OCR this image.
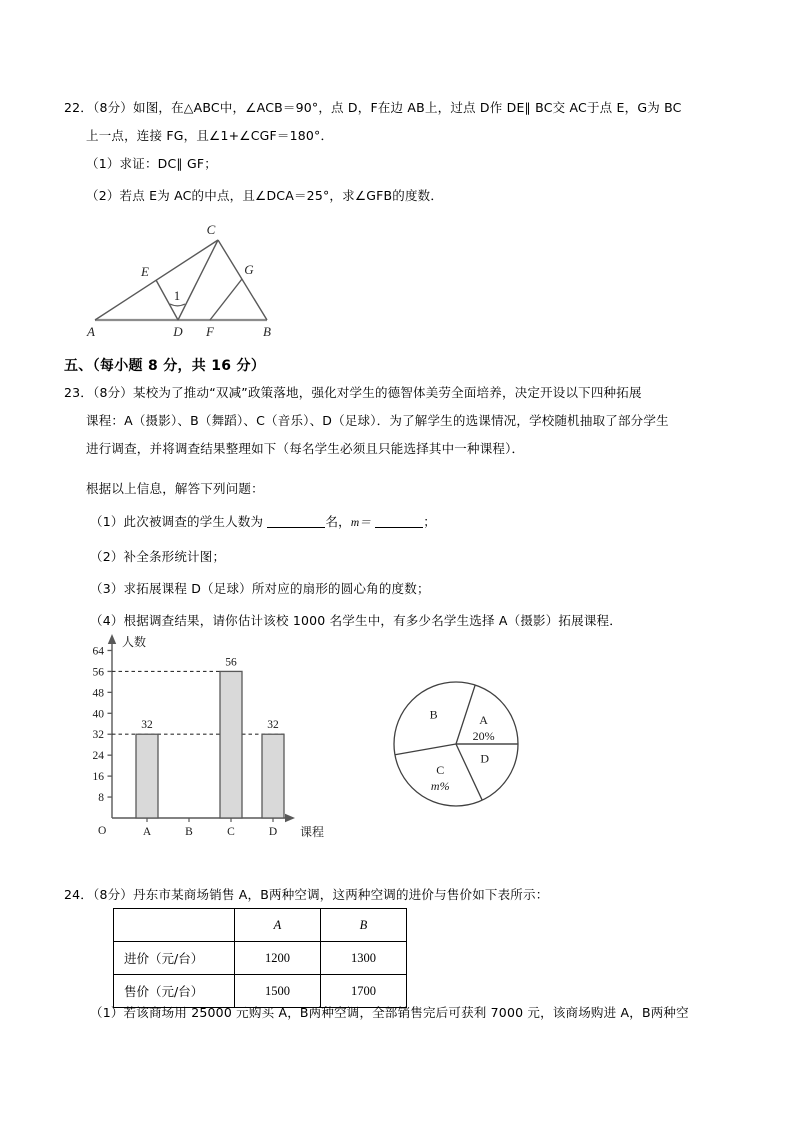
22．（8分）如图，在△ABC中，∠ACB＝90°，点 D，F在边 AB上，过点 D作 DE∥ BC交 AC于点 E，G为 BC
上一点，连接 FG，且∠1+∠CGF＝180°．
（1）求证：DC∥ GF；
（2）若点 E为 AC的中点，且∠DCA＝25°，求∠GFB的度数．
C
E	G
A	D F	B
1
五、（每小题 8 分，共 16 分）
23．（8分）某校为了推动“双减”政策落地，强化对学生的德智体美劳全面培养，决定开设以下四种拓展
课程：A（摄影）、B（舞蹈）、C（音乐）、D（足球）．为了解学生的选课情况，学校随机抽取了部分学生
进行调查，并将调查结果整理如下（每名学生必须且只能选择其中一种课程）．
根据以上信息，解答下列问题：
（1）此次被调查的学生人数为	名，m＝	；
（2）补全条形统计图；
（3）求拓展课程 D（足球）所对应的扇形的圆心角的度数；
（4）根据调查结果，请你估计该校 1000 名学生中，有多少名学生选择 A（摄影）拓展课程．
8
16
24
32
40
48
56
64
32
A	B
56
C
32
D
人数
课程
O
A
20%
B
C
m%
D
24．（8分）丹东市某商场销售 A，B两种空调，这两种空调的进价与售价如下表所示：
	A	B
进价（元/台）	1200	1300
售价（元/台）	1500	1700
（1）若该商场用 25000 元购买 A，B两种空调，全部销售完后可获利 7000 元，该商场购进 A，B两种空
